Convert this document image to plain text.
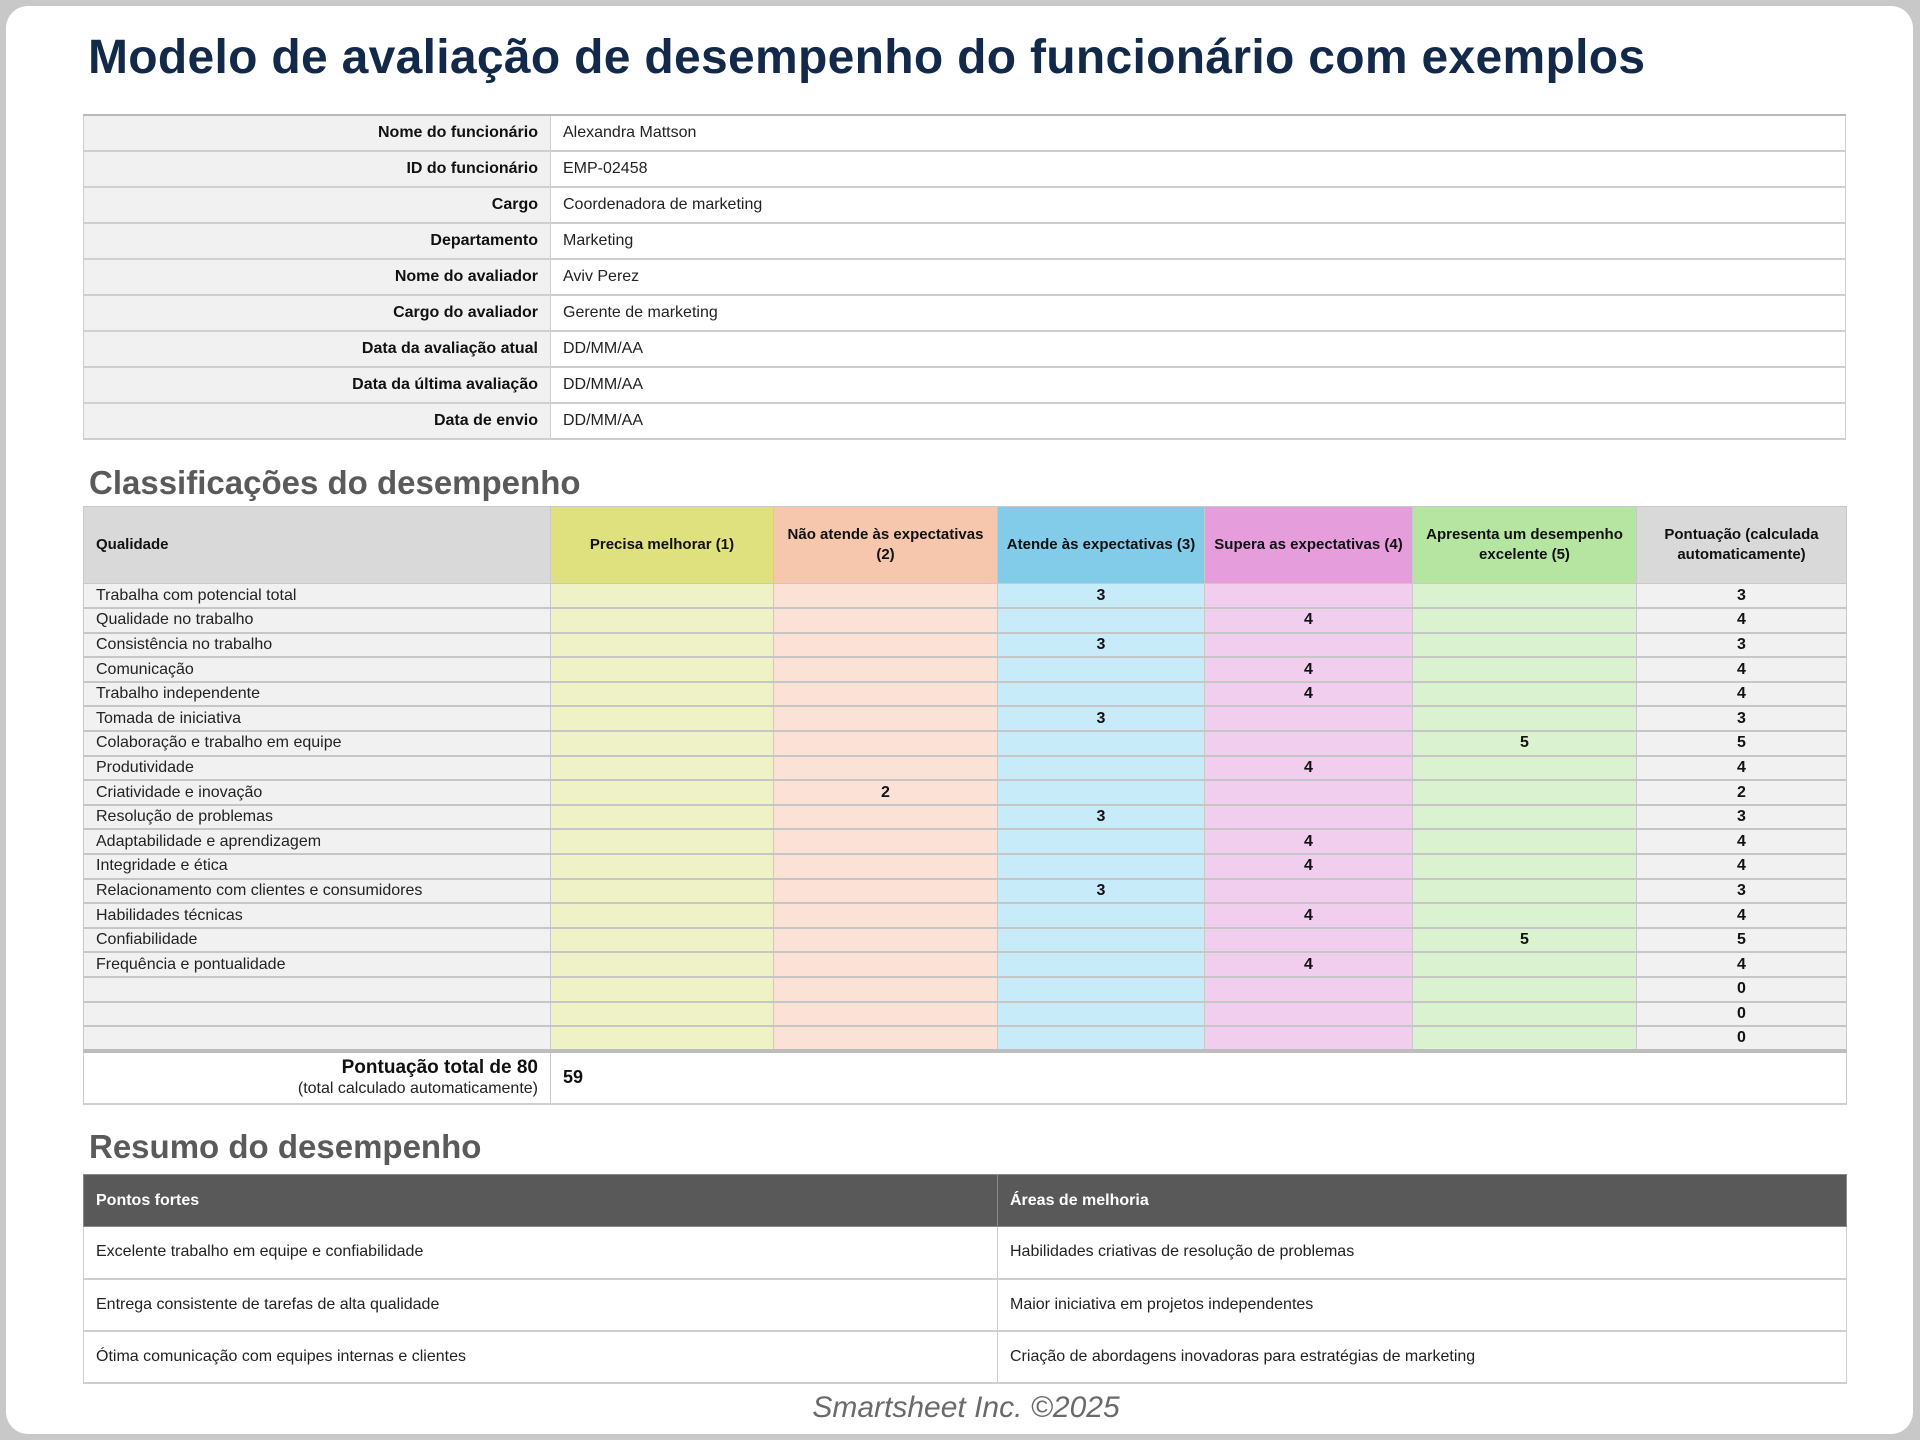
Modelo de avaliação de desempenho do funcionário com exemplos
Nome do funcionário	Alexandra Mattson
ID do funcionário	EMP-02458
Cargo	Coordenadora de marketing
Departamento	Marketing
Nome do avaliador	Aviv Perez
Cargo do avaliador	Gerente de marketing
Data da avaliação atual	DD/MM/AA
Data da última avaliação	DD/MM/AA
Data de envio	DD/MM/AA
Classificações do desempenho
Qualidade	Precisa melhorar (1)	Não atende às expectativas (2)	Atende às expectativas (3)	Supera as expectativas (4)	Apresenta um desempenho excelente (5)	Pontuação (calculada automaticamente)
Trabalha com potencial total			3			3
Qualidade no trabalho				4		4
Consistência no trabalho			3			3
Comunicação				4		4
Trabalho independente				4		4
Tomada de iniciativa			3			3
Colaboração e trabalho em equipe					5	5
Produtividade				4		4
Criatividade e inovação		2				2
Resolução de problemas			3			3
Adaptabilidade e aprendizagem				4		4
Integridade e ética				4		4
Relacionamento com clientes e consumidores			3			3
Habilidades técnicas				4		4
Confiabilidade					5	5
Frequência e pontualidade				4		4
						0
						0
						0

Pontuação total de 80
(total calculado automaticamente)	59					
Resumo do desempenho
Pontos fortes	Áreas de melhoria
Excelente trabalho em equipe e confiabilidade	Habilidades criativas de resolução de problemas
Entrega consistente de tarefas de alta qualidade	Maior iniciativa em projetos independentes
Ótima comunicação com equipes internas e clientes	Criação de abordagens inovadoras para estratégias de marketing
Smartsheet Inc. ©2025
